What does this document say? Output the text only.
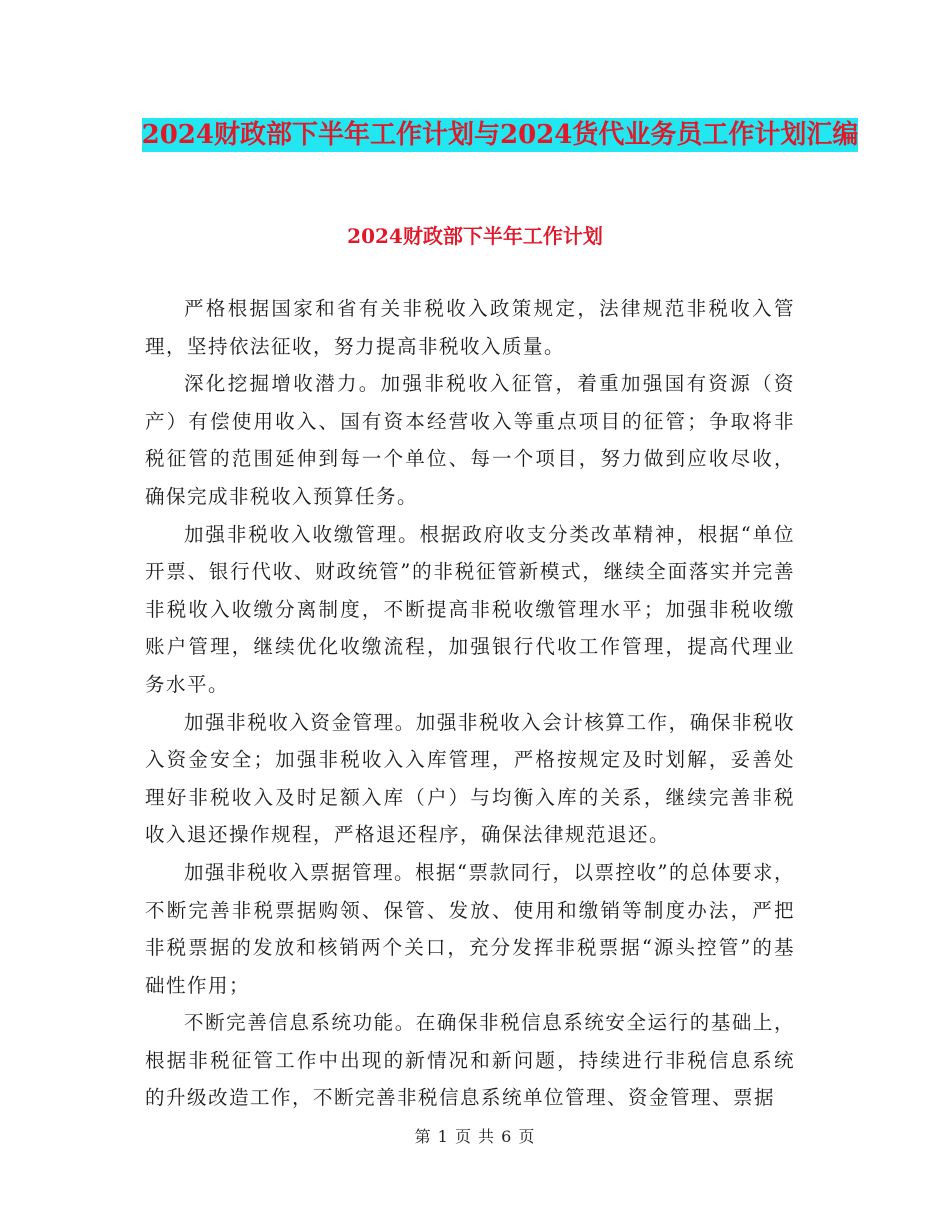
2024财政部下半年工作计划与2024货代业务员工作计划汇编
2024财政部下半年工作计划

严格根据国家和省有关非税收入政策规定，法律规范非税收入管理，坚持依法征收，努力提高非税收入质量。

深化挖掘增收潜力。加强非税收入征管，着重加强国有资源（资产）有偿使用收入、国有资本经营收入等重点项目的征管；争取将非税征管的范围延伸到每一个单位、每一个项目，努力做到应收尽收，确保完成非税收入预算任务。

加强非税收入收缴管理。根据政府收支分类改革精神，根据“单位开票、银行代收、财政统管”的非税征管新模式，继续全面落实并完善非税收入收缴分离制度，不断提高非税收缴管理水平；加强非税收缴账户管理，继续优化收缴流程，加强银行代收工作管理，提高代理业务水平。

加强非税收入资金管理。加强非税收入会计核算工作，确保非税收入资金安全；加强非税收入入库管理，严格按规定及时划解，妥善处理好非税收入及时足额入库（户）与均衡入库的关系，继续完善非税收入退还操作规程，严格退还程序，确保法律规范退还。

加强非税收入票据管理。根据“票款同行，以票控收”的总体要求，不断完善非税票据购领、保管、发放、使用和缴销等制度办法，严把非税票据的发放和核销两个关口，充分发挥非税票据“源头控管”的基础性作用；

不断完善信息系统功能。在确保非税信息系统安全运行的基础上，根据非税征管工作中出现的新情况和新问题，持续进行非税信息系统的升级改造工作，不断完善非税信息系统单位管理、资金管理、票据

第 1 页 共 6 页
